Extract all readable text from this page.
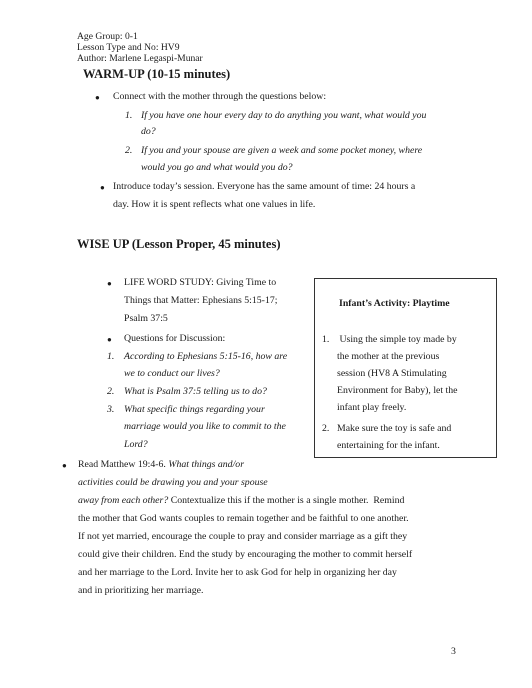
Age Group: 0-1
Lesson Type and No: HV9
Author: Marlene Legaspi-Munar
WARM-UP (10-15 minutes)
● Connect with the mother through the questions below:
1. If you have one hour every day to do anything you want, what would you
do?
2. If you and your spouse are given a week and some pocket money, where
would you go and what would you do?
● Introduce today’s session. Everyone has the same amount of time: 24 hours a
day. How it is spent reflects what one values in life.
WISE UP (Lesson Proper, 45 minutes)
● LIFE WORD STUDY: Giving Time to
Things that Matter: Ephesians 5:15-17;
Psalm 37:5
● Questions for Discussion:
1. According to Ephesians 5:15-16, how are
we to conduct our lives?
2. What is Psalm 37:5 telling us to do?
3. What specific things regarding your
marriage would you like to commit to the
Lord?
Infant’s Activity: Playtime
1. Using the simple toy made by
the mother at the previous
session (HV8 A Stimulating
Environment for Baby), let the
infant play freely.
2. Make sure the toy is safe and
entertaining for the infant.
● Read Matthew 19:4-6. What things and/or
activities could be drawing you and your spouse
away from each other? Contextualize this if the mother is a single mother.  Remind
the mother that God wants couples to remain together and be faithful to one another.
If not yet married, encourage the couple to pray and consider marriage as a gift they
could give their children. End the study by encouraging the mother to commit herself
and her marriage to the Lord. Invite her to ask God for help in organizing her day
and in prioritizing her marriage.
3
